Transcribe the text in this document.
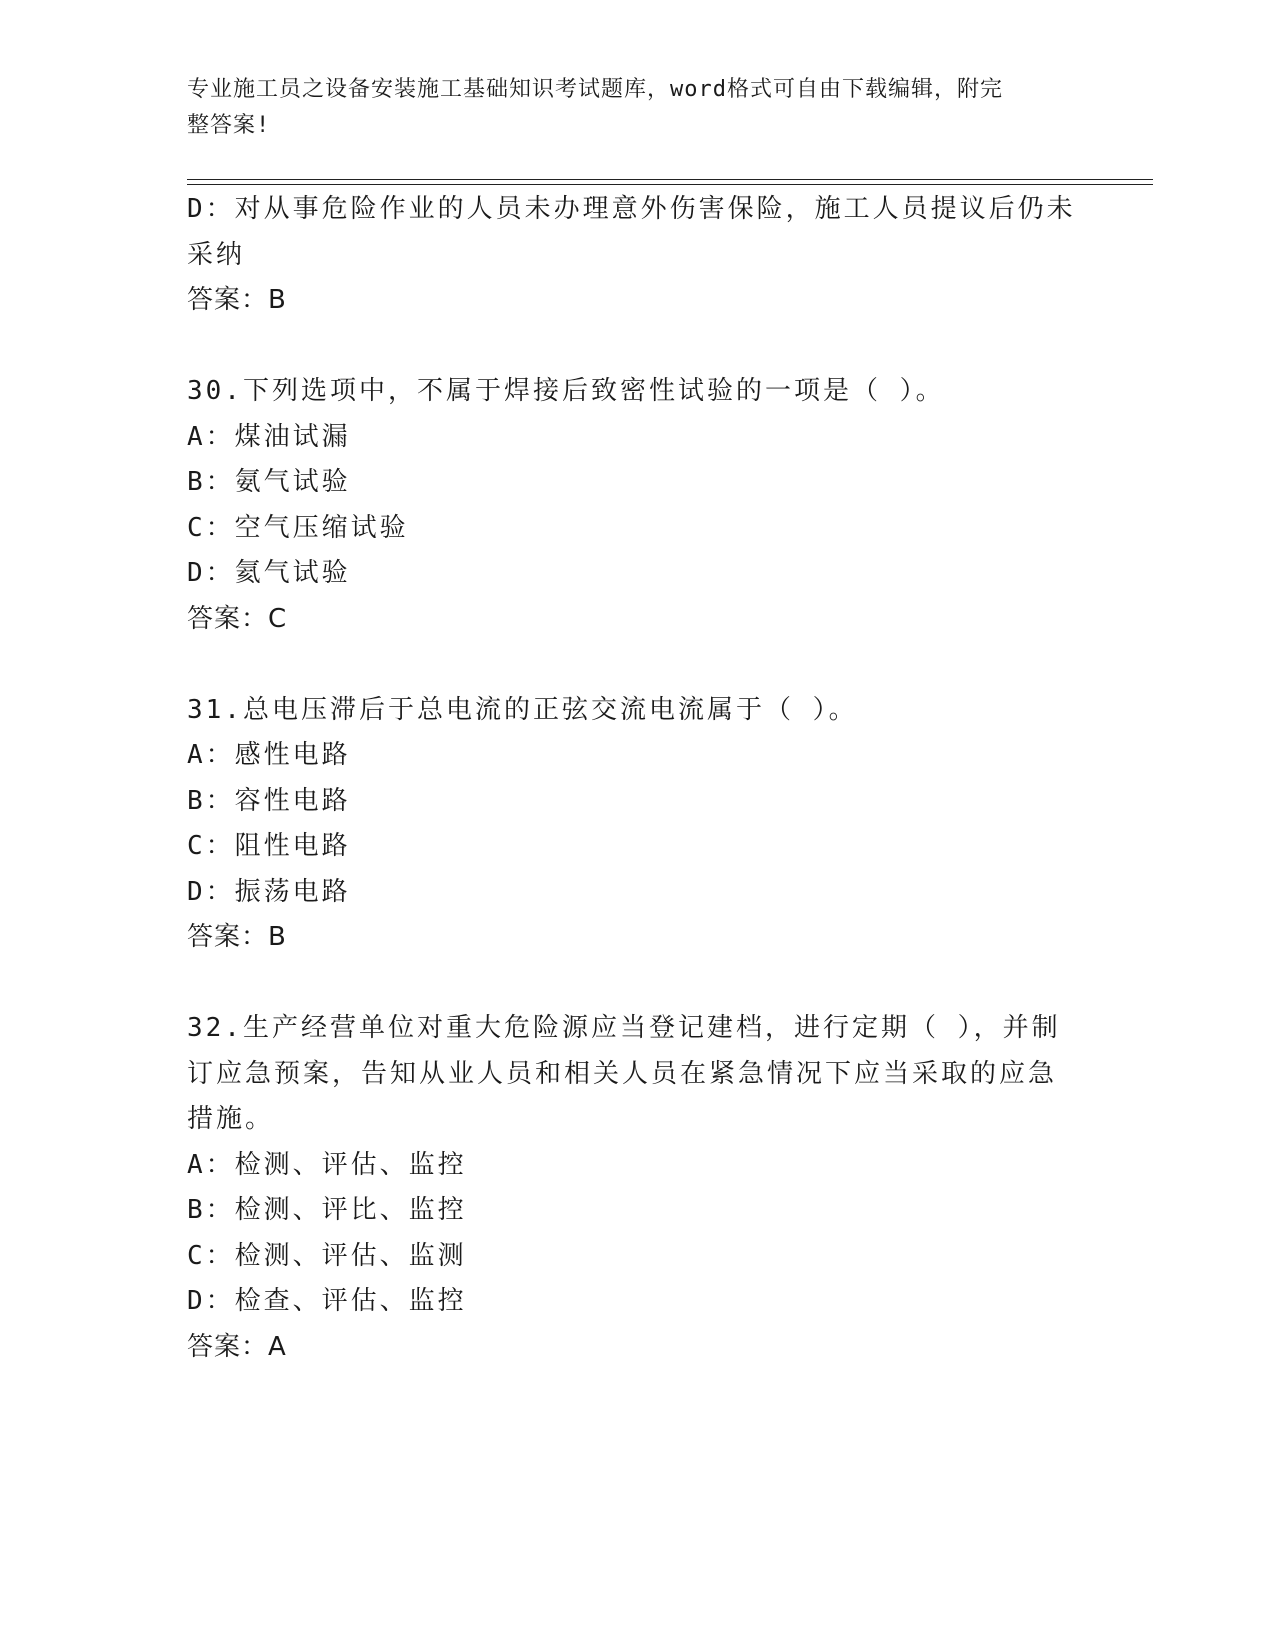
专业施工员之设备安装施工基础知识考试题库，word格式可自由下载编辑，附完
整答案!
D：对从事危险作业的人员未办理意外伤害保险，施工人员提议后仍未
采纳
答案：B
30.下列选项中，不属于焊接后致密性试验的一项是（ ）。
A：煤油试漏
B：氨气试验
C：空气压缩试验
D：氦气试验
答案：C
31.总电压滞后于总电流的正弦交流电流属于（ ）。
A：感性电路
B：容性电路
C：阻性电路
D：振荡电路
答案：B
32.生产经营单位对重大危险源应当登记建档，进行定期（ ），并制
订应急预案，告知从业人员和相关人员在紧急情况下应当采取的应急
措施。
A：检测、评估、监控
B：检测、评比、监控
C：检测、评估、监测
D：检查、评估、监控
答案：A
